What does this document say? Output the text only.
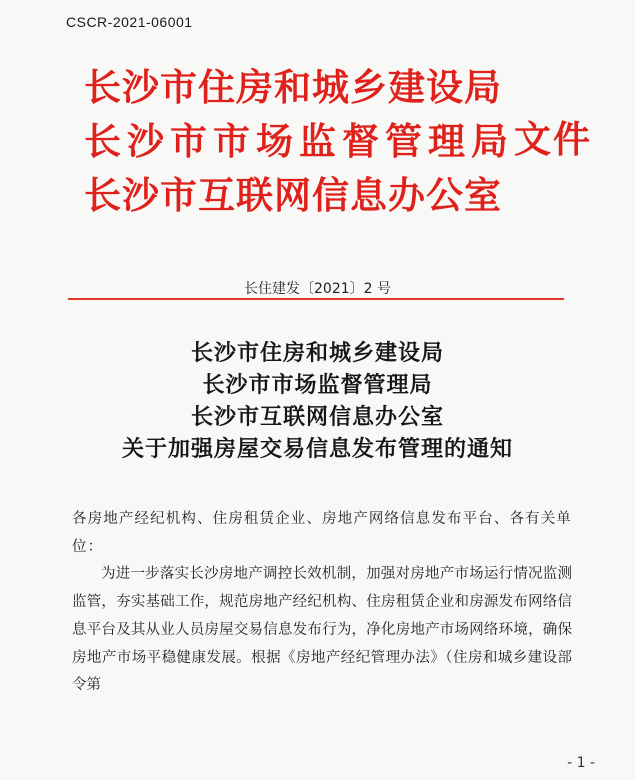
CSCR-2021-06001
长沙市住房和城乡建设局
长沙市市场监督管理局
长沙市互联网信息办公室
文件
长住建发〔2021〕2 号
长沙市住房和城乡建设局
长沙市市场监督管理局
长沙市互联网信息办公室
关于加强房屋交易信息发布管理的通知

各房地产经纪机构、住房租赁企业、房地产网络信息发布平台、各有关单位：

为进一步落实长沙房地产调控长效机制，加强对房地产市场运行情况监测监管，夯实基础工作，规范房地产经纪机构、住房租赁企业和房源发布网络信息平台及其从业人员房屋交易信息发布行为，净化房地产市场网络环境，确保房地产市场平稳健康发展。根据《房地产经纪管理办法》（住房和城乡建设部令第

- 1 -
